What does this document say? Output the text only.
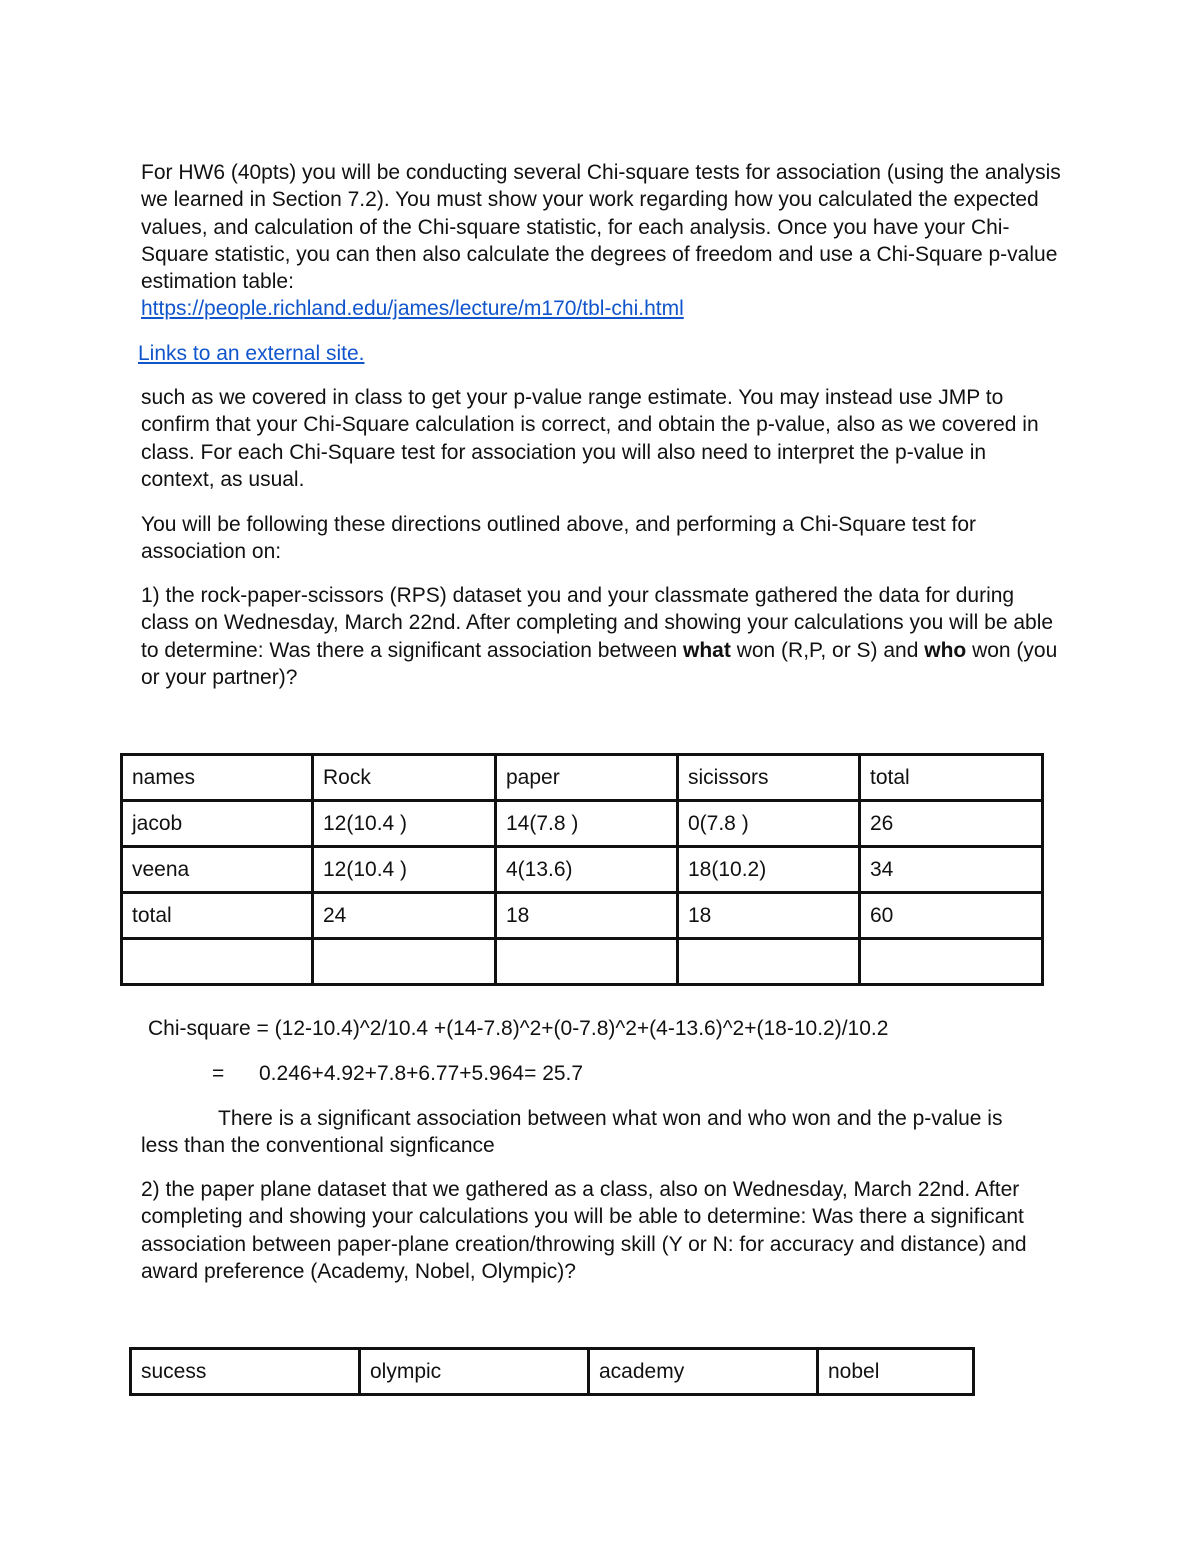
For HW6 (40pts) you will be conducting several Chi-square tests for association (using the analysis we learned in Section 7.2). You must show your work regarding how you calculated the expected values, and calculation of the Chi-square statistic, for each analysis. Once you have your Chi-Square statistic, you can then also calculate the degrees of freedom and use a Chi-Square p-value estimation table:
https://people.richland.edu/james/lecture/m170/tbl-chi.html

Links to an external site.

such as we covered in class to get your p-value range estimate. You may instead use JMP to confirm that your Chi-Square calculation is correct, and obtain the p-value, also as we covered in class. For each Chi-Square test for association you will also need to interpret the p-value in context, as usual.

You will be following these directions outlined above, and performing a Chi-Square test for association on:

1) the rock-paper-scissors (RPS) dataset you and your classmate gathered the data for during class on Wednesday, March 22nd. After completing and showing your calculations you will be able to determine: Was there a significant association between what won (R,P, or S) and who won (you or your partner)?

names	Rock	paper	sicissors	total
jacob	12(10.4 )	14(7.8 )	0(7.8 )	26
veena	12(10.4 )	4(13.6)	18(10.2)	34
total	24	18	18	60

Chi-square = (12-10.4)^2/10.4 +(14-7.8)^2+(0-7.8)^2+(4-13.6)^2+(18-10.2)/10.2
= 0.246+4.92+7.8+6.77+5.964= 25.7

There is a significant association between what won and who won and the p-value is less than the conventional signficance

2) the paper plane dataset that we gathered as a class, also on Wednesday, March 22nd. After completing and showing your calculations you will be able to determine: Was there a significant association between paper-plane creation/throwing skill (Y or N: for accuracy and distance) and award preference (Academy, Nobel, Olympic)?

sucess	olympic	academy	nobel
